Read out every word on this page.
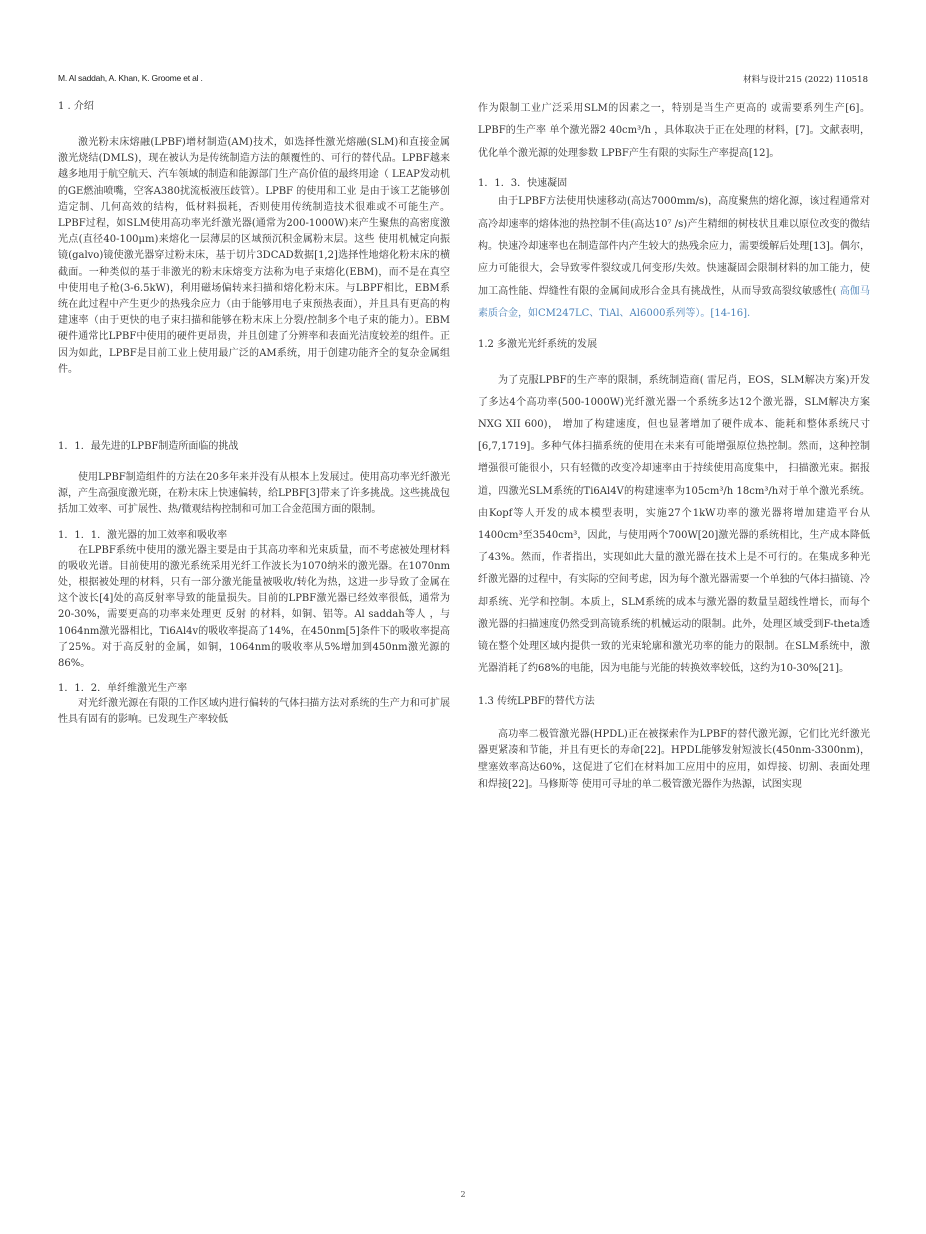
M. Al saddah, A. Khan, K. Groome et al .	材料与设计215 (2022) 110518

1 . 介绍

激光粉末床熔融(LPBF)增材制造(AM)技术，如选择性激光熔融(SLM)和直接金属激光烧结(DMLS)，现在被认为是传统制造方法的颠覆性的、可行的替代品。LPBF越来越多地用于航空航天、汽车领域的制造和能源部门生产高价值的最终用途（ LEAP发动机的GE燃油喷嘴，空客A380扰流板液压歧管）。LPBF 的使用和工业 是由于该工艺能够创造定制、几何高效的结构，低材料损耗，否则使用传统制造技术很难或不可能生产。LPBF过程，如SLM使用高功率光纤激光器(通常为200-1000W)来产生聚焦的高密度激光点(直径40-100μm)来熔化一层薄层的区域预沉积金属粉末层。这些 使用机械定向振镜(galvo)镜使激光器穿过粉末床，基于切片3DCAD数据[1,2]选择性地熔化粉末床的横截面。一种类似的基于非激光的粉末床熔变方法称为电子束熔化(EBM)，而不是在真空中使用电子枪(3-6.5kW)，利用磁场偏转来扫描和熔化粉末床。与LBPF相比，EBM系统在此过程中产生更少的热残余应力（由于能够用电子束预热表面），并且具有更高的构建速率（由于更快的电子束扫描和能够在粉末床上分裂/控制多个电子束的能力）。EBM硬件通常比LPBF中使用的硬件更昂贵，并且创建了分辨率和表面光洁度较差的组件。正因为如此，LPBF是目前工业上使用最广泛的AM系统，用于创建功能齐全的复杂金属组件。

1．1．最先进的LPBF制造所面临的挑战

使用LPBF制造组件的方法在20多年来并没有从根本上发展过。使用高功率光纤激光源，产生高强度激光斑，在粉末床上快速偏转，给LPBF[3]带来了许多挑战。这些挑战包括加工效率、可扩展性、热/微观结构控制和可加工合金范围方面的限制。

1．1．1．激光器的加工效率和吸收率

在LPBF系统中使用的激光器主要是由于其高功率和光束质量，而不考虑被处理材料的吸收光谱。目前使用的激光系统采用光纤工作波长为1070纳米的激光器。在1070nm处，根据被处理的材料，只有一部分激光能量被吸收/转化为热，这进一步导致了金属在这个波长[4]处的高反射率导致的能量损失。目前的LPBF激光器已经效率很低，通常为20-30%，需要更高的功率来处理更 反射 的材料，如铜、铝等。Al saddah等人 ，与1064nm激光器相比，Ti6Al4v的吸收率提高了14%，在450nm[5]条件下的吸收率提高了25%。对于高反射的金属，如铜，1064nm的吸收率从5%增加到450nm激光源的86%。

1．1．2．单纤维激光生产率

对光纤激光源在有限的工作区域内进行偏转的气体扫描方法对系统的生产力和可扩展性具有固有的影响。已发现生产率较低

作为限制工业广泛采用SLM的因素之一，特别是当生产更高的 或需要系列生产[6]。LPBF的生产率 单个激光器2 40cm³/h ，具体取决于正在处理的材料，[7]。文献表明，优化单个激光源的处理参数 LPBF产生有限的实际生产率提高[12]。

1．1．3．快速凝固

由于LPBF方法使用快速移动(高达7000mm/s)，高度聚焦的熔化源，该过程通常对高冷却速率的熔体池的热控制不佳(高达10⁷ /s)产生精细的树枝状且难以原位改变的微结构。快速冷却速率也在制造部件内产生较大的热残余应力，需要缓解后处理[13]。偶尔，应力可能很大，会导致零件裂纹或几何变形/失效。快速凝固会限制材料的加工能力，使加工高性能、焊缝性有限的金属间成形合金具有挑战性，从而导致高裂纹敏感性( 高伽马素质合金，如CM247LC、TiAl、Al6000系列等）。[14-16].

1.2 多激光光纤系统的发展

为了克服LPBF的生产率的限制，系统制造商( 雷尼肖，EOS，SLM解决方案)开发了多达4个高功率(500-1000W)光纤激光器一个系统多达12个激光器，SLM解决方案NXG XII 600)， 增加了构建速度，但也显著增加了硬件成本、能耗和整体系统尺寸[6,7,1719]。多种气体扫描系统的使用在未来有可能增强原位热控制。然而，这种控制增强很可能很小，只有轻微的改变冷却速率由于持续使用高度集中， 扫描激光束。据报道，四激光SLM系统的Ti6Al4V的构建速率为105cm³/h 18cm³/h对于单个激光系统。由Kopf等人开发的成本模型表明，实施27个1kW功率的激光器将增加建造平台从1400cm³至3540cm³，因此，与使用两个700W[20]激光器的系统相比，生产成本降低了43%。然而，作者指出，实现如此大量的激光器在技术上是不可行的。在集成多种光纤激光器的过程中，有实际的空间考虑，因为每个激光器需要一个单独的气体扫描镜、冷却系统、光学和控制。本质上，SLM系统的成本与激光器的数量呈超线性增长，而每个激光器的扫描速度仍然受到高镜系统的机械运动的限制。此外，处理区域受到F-theta透镜在整个处理区域内提供一致的光束轮廓和激光功率的能力的限制。在SLM系统中，激光器消耗了约68%的电能，因为电能与光能的转换效率较低，这约为10-30%[21]。

1.3 传统LPBF的替代方法

高功率二极管激光器(HPDL)正在被探索作为LPBF的替代激光源，它们比光纤激光器更紧凑和节能，并且有更长的寿命[22]。HPDL能够发射短波长(450nm-3300nm)，壁塞效率高达60%，这促进了它们在材料加工应用中的应用，如焊接、切割、表面处理和焊接[22]。马修斯等 使用可寻址的单二极管激光器作为热源，试图实现

2
